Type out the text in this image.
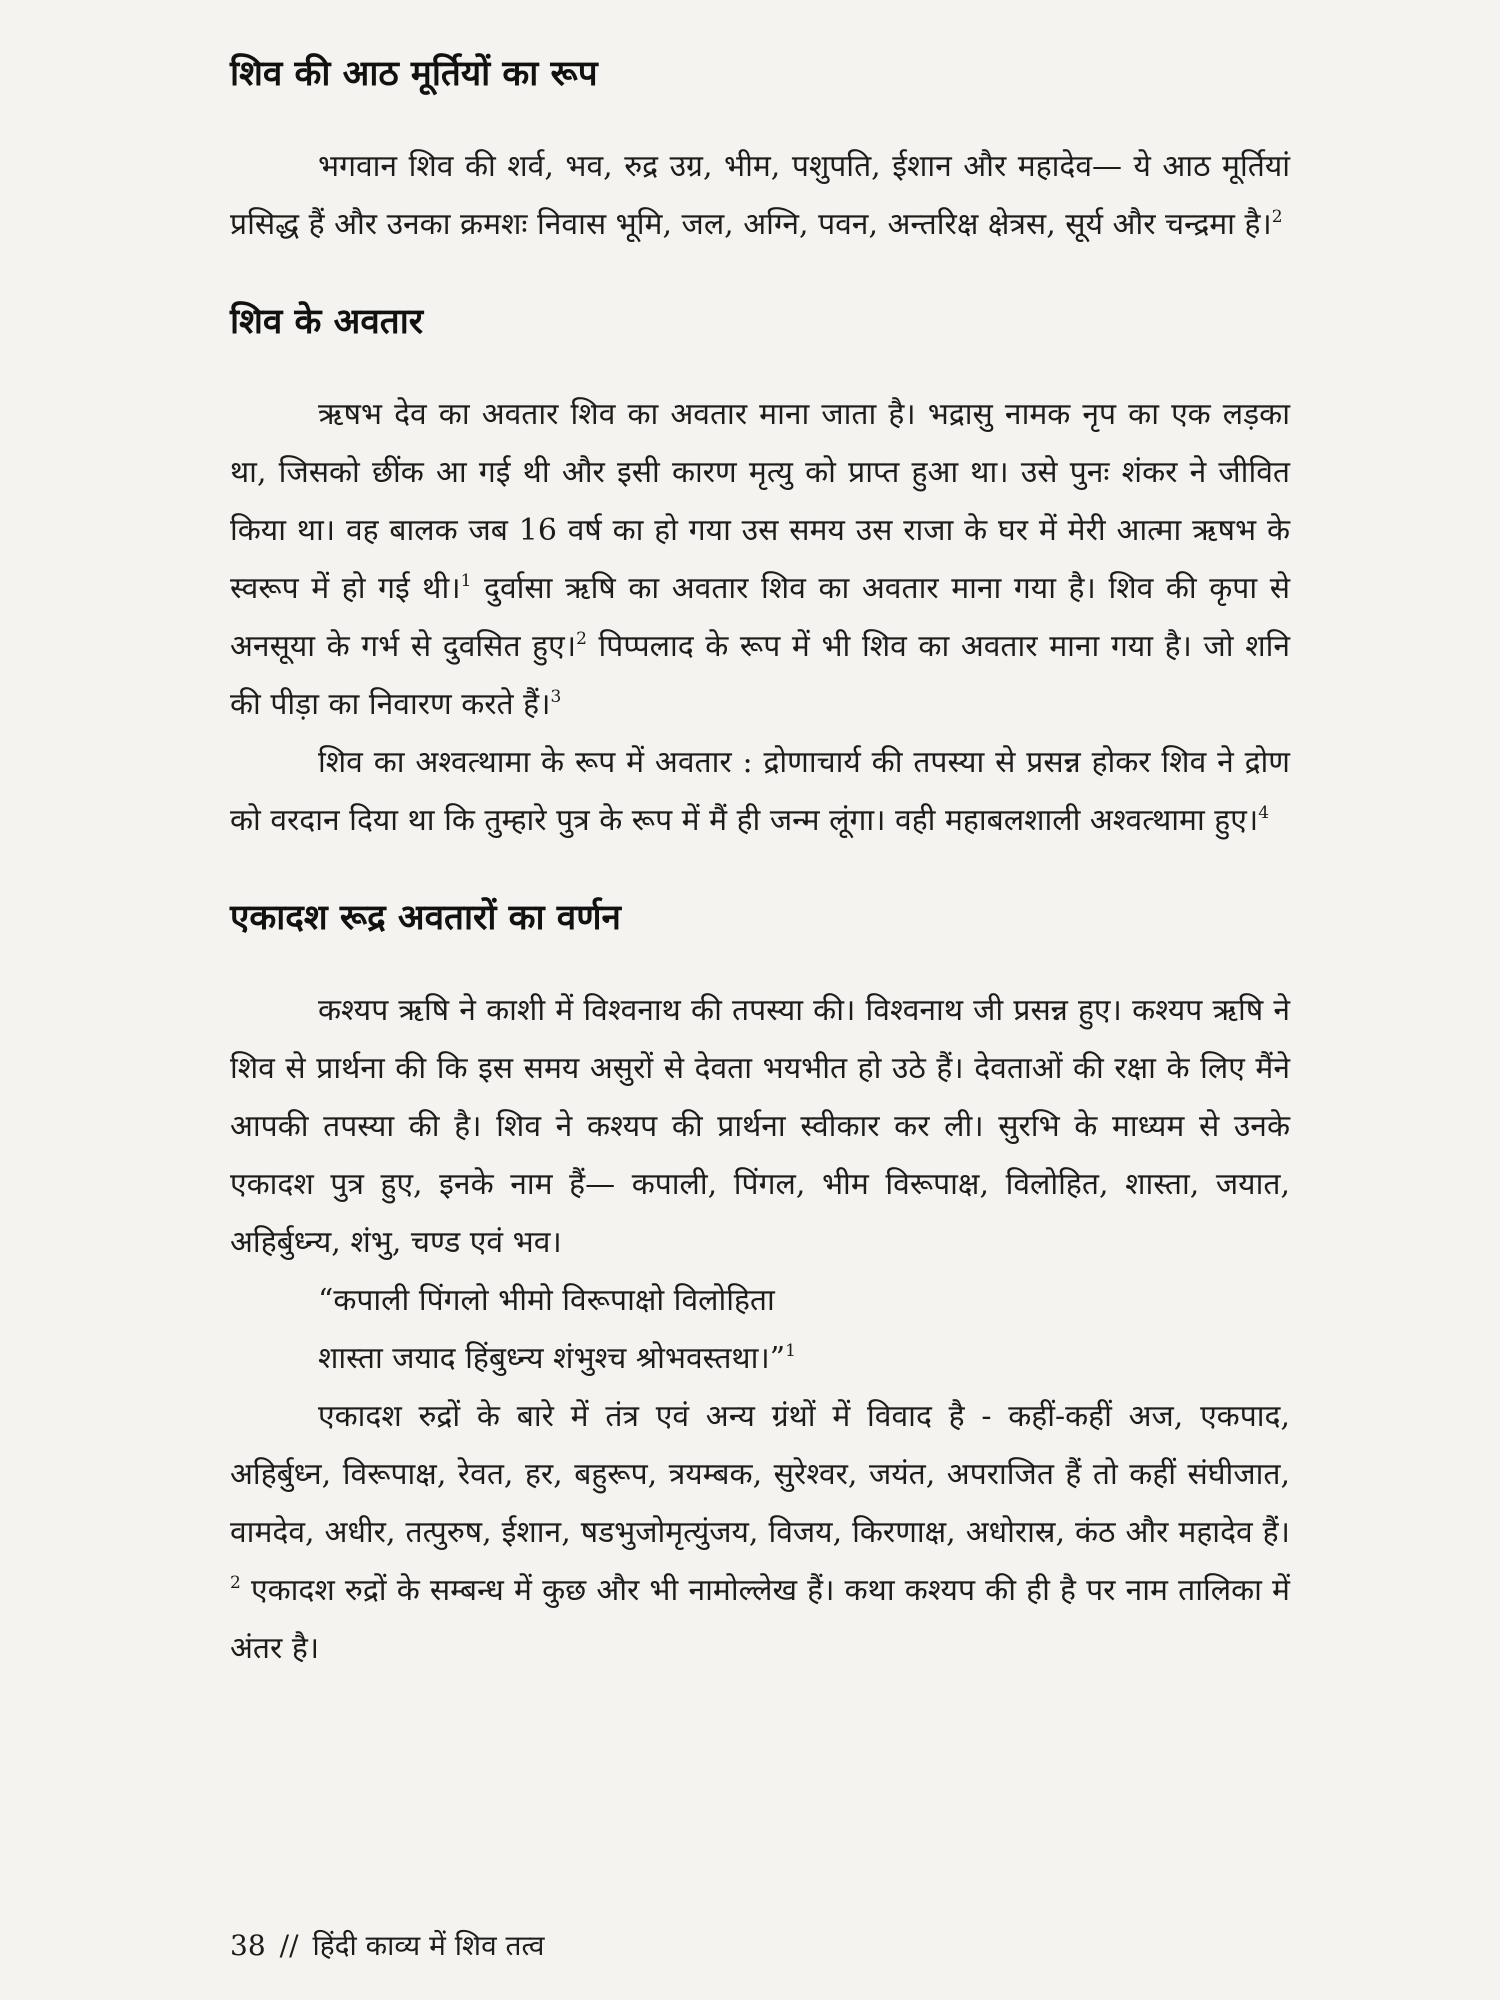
शिव की आठ मूर्तियों का रूप

भगवान शिव की शर्व, भव, रुद्र उग्र, भीम, पशुपति, ईशान और महादेव— ये आठ मूर्तियां प्रसिद्ध हैं और उनका क्रमशः निवास भूमि, जल, अग्नि, पवन, अन्तरिक्ष क्षेत्रस, सूर्य और चन्द्रमा है।$^2$

शिव के अवतार

ऋषभ देव का अवतार शिव का अवतार माना जाता है। भद्रासु नामक नृप का एक लड़का था, जिसको छींक आ गई थी और इसी कारण मृत्यु को प्राप्त हुआ था। उसे पुनः शंकर ने जीवित किया था। वह बालक जब 16 वर्ष का हो गया उस समय उस राजा के घर में मेरी आत्मा ऋषभ के स्वरूप में हो गई थी।$^1$ दुर्वासा ऋषि का अवतार शिव का अवतार माना गया है। शिव की कृपा से अनसूया के गर्भ से दुवसित हुए।$^2$ पिप्पलाद के रूप में भी शिव का अवतार माना गया है। जो शनि की पीड़ा का निवारण करते हैं।$^3$

शिव का अश्वत्थामा के रूप में अवतार : द्रोणाचार्य की तपस्या से प्रसन्न होकर शिव ने द्रोण को वरदान दिया था कि तुम्हारे पुत्र के रूप में मैं ही जन्म लूंगा। वही महाबलशाली अश्वत्थामा हुए।$^4$

एकादश रूद्र अवतारों का वर्णन

कश्यप ऋषि ने काशी में विश्वनाथ की तपस्या की। विश्वनाथ जी प्रसन्न हुए। कश्यप ऋषि ने शिव से प्रार्थना की कि इस समय असुरों से देवता भयभीत हो उठे हैं। देवताओं की रक्षा के लिए मैंने आपकी तपस्या की है। शिव ने कश्यप की प्रार्थना स्वीकार कर ली। सुरभि के माध्यम से उनके एकादश पुत्र हुए, इनके नाम हैं— कपाली, पिंगल, भीम विरूपाक्ष, विलोहित, शास्ता, जयात, अहिर्बुध्न्य, शंभु, चण्ड एवं भव।

“कपाली पिंगलो भीमो विरूपाक्षो विलोहिता
शास्ता जयाद हिंबुध्न्य शंभुश्च श्रोभवस्तथा।”$^1$

एकादश रुद्रों के बारे में तंत्र एवं अन्य ग्रंथों में विवाद है - कहीं-कहीं अज, एकपाद, अहिर्बुध्न, विरूपाक्ष, रेवत, हर, बहुरूप, त्रयम्बक, सुरेश्वर, जयंत, अपराजित हैं तो कहीं संघीजात, वामदेव, अधीर, तत्पुरुष, ईशान, षडभुजोमृत्युंजय, विजय, किरणाक्ष, अधोरास्र, कंठ और महादेव हैं।$^2$ एकादश रुद्रों के सम्बन्ध में कुछ और भी नामोल्लेख हैं। कथा कश्यप की ही है पर नाम तालिका में अंतर है।

38 // हिंदी काव्य में शिव तत्व
